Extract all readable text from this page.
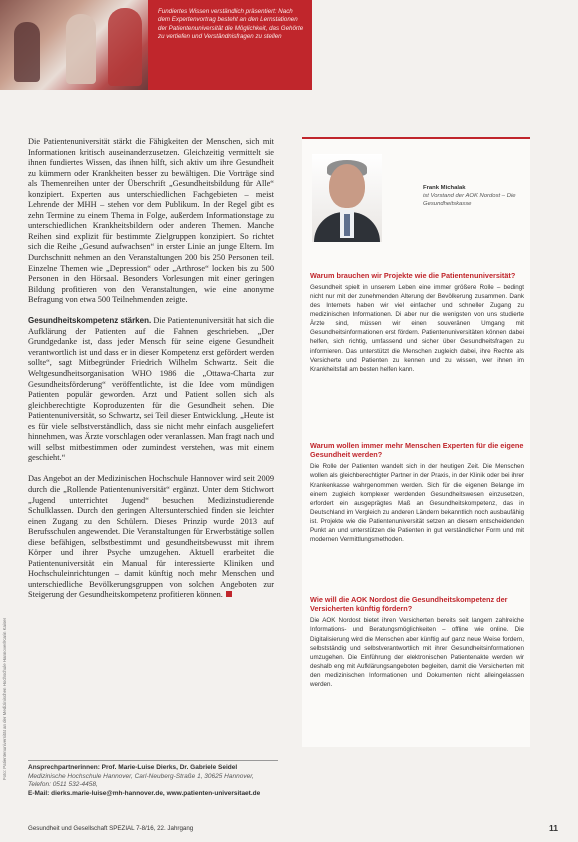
Fundiertes Wissen verständlich präsentiert: Nach dem Expertenvortrag besteht an den Lernstationen der Patientenuniversität die Möglichkeit, das Gehörte zu vertiefen und Verständnisfragen zu stellen
Foto: Patientenuniversität an der Medizinischen Hochschule Hannover/Karin Kaiser

Die Patientenuniversität stärkt die Fähigkeiten der Menschen, sich mit Informationen kritisch auseinanderzusetzen. Gleichzeitig vermittelt sie ihnen fundiertes Wissen, das ihnen hilft, sich aktiv um ihre Gesundheit zu kümmern oder Krankheiten besser zu bewältigen. Die Vorträge sind als Themenreihen unter der Überschrift „Gesundheitsbildung für Alle“ konzipiert. Experten aus unterschiedlichen Fachgebieten – meist Lehrende der MHH – stehen vor dem Publikum. In der Regel gibt es zehn Termine zu einem Thema in Folge, außerdem Informationstage zu unterschiedlichen Krankheitsbildern oder anderen Themen. Manche Reihen sind explizit für bestimmte Zielgruppen konzipiert. So richtet sich die Reihe „Gesund aufwachsen“ in erster Linie an junge Eltern. Im Durchschnitt nehmen an den Veranstaltungen 200 bis 250 Personen teil. Einzelne Themen wie „Depression“ oder „Arthrose“ locken bis zu 500 Personen in den Hörsaal. Besonders Vorlesungen mit einer geringen Bildung profitieren von den Veranstaltungen, wie eine anonyme Befragung von etwa 500 Teilnehmenden zeigte.

Gesundheitskompetenz stärken. Die Patientenuniversität hat sich die Aufklärung der Patienten auf die Fahnen geschrieben. „Der Grundgedanke ist, dass jeder Mensch für seine eigene Gesundheit verantwortlich ist und dass er in dieser Kompetenz erst gefördert werden sollte“, sagt Mitbegründer Friedrich Wilhelm Schwartz. Seit die Weltgesundheitsorganisation WHO 1986 die „Ottawa-Charta zur Gesundheitsförderung“ veröffentlichte, ist die Idee vom mündigen Patienten populär geworden. Arzt und Patient sollen sich als gleichberechtigte Koproduzenten für die Gesundheit sehen. Die Patientenuniversität, so Schwartz, sei Teil dieser Entwicklung. „Heute ist es für viele selbstverständlich, dass sie nicht mehr einfach ausgeliefert hinnehmen, was Ärzte vorschlagen oder veranlassen. Man fragt nach und will selbst mitbestimmen oder zumindest verstehen, was mit einem geschieht.“

Das Angebot an der Medizinischen Hochschule Hannover wird seit 2009 durch die „Rollende Patientenuniversität“ ergänzt. Unter dem Stichwort „Jugend unterrichtet Jugend“ besuchen Medizinstudierende Schulklassen. Durch den geringen Altersunterschied finden sie leichter einen Zugang zu den Schülern. Dieses Prinzip wurde 2013 auf Berufsschulen angewendet. Die Veranstaltungen für Erwerbstätige sollen diese befähigen, selbstbestimmt und gesundheitsbewusst mit ihrem Körper und ihrer Psyche umzugehen. Aktuell erarbeitet die Patientenuniversität ein Manual für interessierte Kliniken und Hochschuleinrichtungen – damit künftig noch mehr Menschen und unterschiedliche Bevölkerungsgruppen von solchen Angeboten zur Steigerung der Gesundheitskompetenz profitieren können.

Ansprechpartnerinnen: Prof. Marie-Luise Dierks, Dr. Gabriele Seidel
Medizinische Hochschule Hannover, Carl-Neuberg-Straße 1, 30625 Hannover, Telefon: 0511 532-4458,
E-Mail: dierks.marie-luise@mh-hannover.de, www.patienten-universitaet.de
Frank Michalak
ist Vorstand der AOK Nordost – Die Gesundheitskasse
Warum brauchen wir Projekte wie die Patientenuniversität?
Gesundheit spielt in unserem Leben eine immer größere Rolle – bedingt nicht nur mit der zunehmenden Alterung der Bevölkerung zusammen. Dank des Internets haben wir viel einfacher und schneller Zugang zu medizinischen Informationen. Di aber nur die wenigsten von uns studierte Ärzte sind, müssen wir einen souveränen Umgang mit Gesundheitsinformationen erst fördern. Patientenuniversitäten können dabei helfen, sich richtig, umfassend und sicher über Gesundheitsfragen zu informieren. Das unterstützt die Menschen zugleich dabei, ihre Rechte als Versicherte und Patienten zu kennen und zu wissen, wer ihnen im Krankheitsfall am besten helfen kann.
Warum wollen immer mehr Menschen Experten für die eigene Gesundheit werden?
Die Rolle der Patienten wandelt sich in der heutigen Zeit. Die Menschen wollen als gleichberechtigter Partner in der Praxis, in der Klinik oder bei ihrer Krankenkasse wahrgenommen werden. Sich für die eigenen Belange im einem zugleich komplexer werdenden Gesundheitswesen einzusetzen, erfordert ein ausgeprägtes Maß an Gesundheitskompetenz, das in Deutschland im Vergleich zu anderen Ländern bekanntlich noch ausbaufähig ist. Projekte wie die Patientenuniversität setzen an diesem entscheidenden Punkt an und unterstützen die Patienten in gut verständlicher Form und mit modernen Vermittlungsmethoden.
Wie will die AOK Nordost die Gesundheitskompetenz der Versicherten künftig fördern?
Die AOK Nordost bietet ihren Versicherten bereits seit langem zahlreiche Informations- und Beratungsmöglichkeiten – offline wie online. Die Digitalisierung wird die Menschen aber künftig auf ganz neue Weise fordern, selbstständig und selbstverantwortlich mit ihrer Gesundheitsinformationen umzugehen. Die Einführung der elektronischen Patientenakte werden wir deshalb eng mit Aufklärungsangeboten begleiten, damit die Versicherten mit den medizinischen Informationen und Dokumenten nicht alleingelassen werden.
Gesundheit und Gesellschaft SPEZIAL 7-8/16, 22. Jahrgang	11
